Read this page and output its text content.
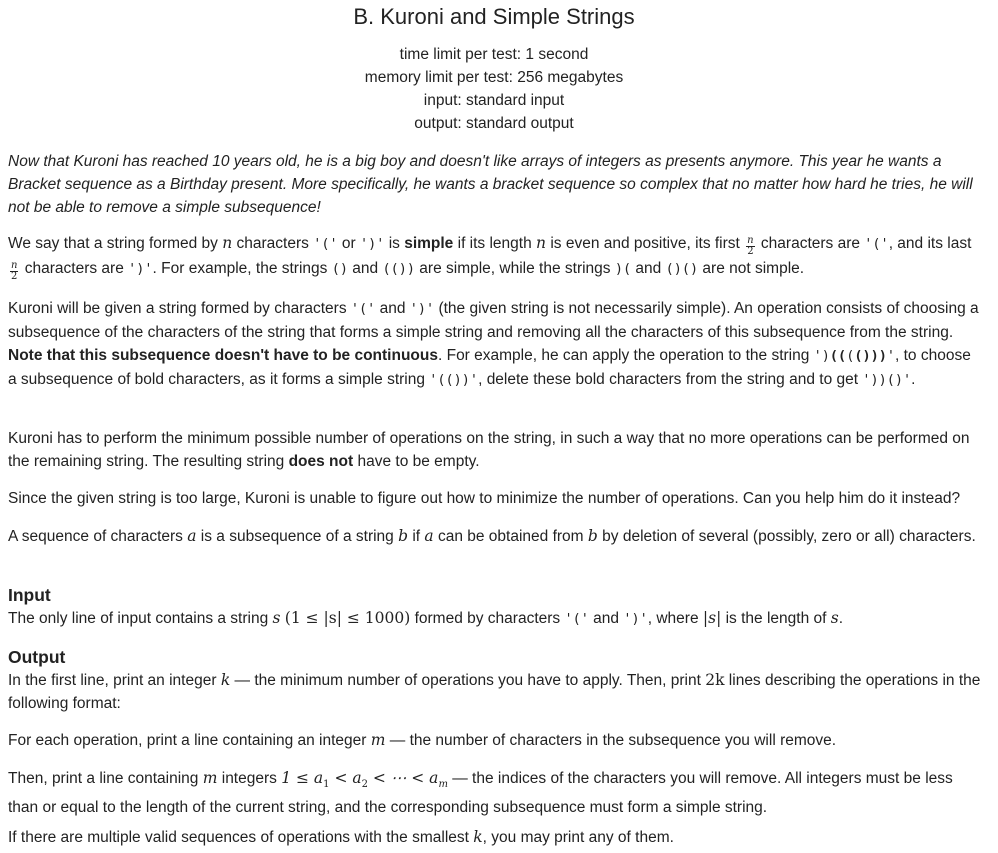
B. Kuroni and Simple Strings
time limit per test: 1 second
memory limit per test: 256 megabytes
input: standard input
output: standard output

Now that Kuroni has reached 10 years old, he is a big boy and doesn't like arrays of integers as presents anymore. This year he wants a Bracket sequence as a Birthday present. More specifically, he wants a bracket sequence so complex that no matter how hard he tries, he will not be able to remove a simple subsequence!

We say that a string formed by n characters '(' or ')' is simple if its length n is even and positive, its first $\frac{n}{2}$ characters are '(', and its last
$\frac{n}{2}$ characters are ')'. For example, the strings () and (()) are simple, while the strings )( and ()() are not simple.

Kuroni will be given a string formed by characters '(' and ')' (the given string is not necessarily simple). An operation consists of choosing a subsequence of the characters of the string that forms a simple string and removing all the characters of this subsequence from the string. Note that this subsequence doesn't have to be continuous. For example, he can apply the operation to the string ')(((()))', to choose a subsequence of bold characters, as it forms a simple string '(())', delete these bold characters from the string and to get '))()'.

Kuroni has to perform the minimum possible number of operations on the string, in such a way that no more operations can be performed on the remaining string. The resulting string does not have to be empty.

Since the given string is too large, Kuroni is unable to figure out how to minimize the number of operations. Can you help him do it instead?

A sequence of characters a is a subsequence of a string b if a can be obtained from b by deletion of several (possibly, zero or all) characters.

Input

The only line of input contains a string s (1 ≤ |s| ≤ 1000) formed by characters '(' and ')', where |s| is the length of s.

Output

In the first line, print an integer k — the minimum number of operations you have to apply. Then, print 2k lines describing the operations in the following format:

For each operation, print a line containing an integer m — the number of characters in the subsequence you will remove.

Then, print a line containing m integers $1 \le a_1 < a_2$ < ⋯ < $a_m$ — the indices of the characters you will remove. All integers must be less than or equal to the length of the current string, and the corresponding subsequence must form a simple string.

If there are multiple valid sequences of operations with the smallest k, you may print any of them.
